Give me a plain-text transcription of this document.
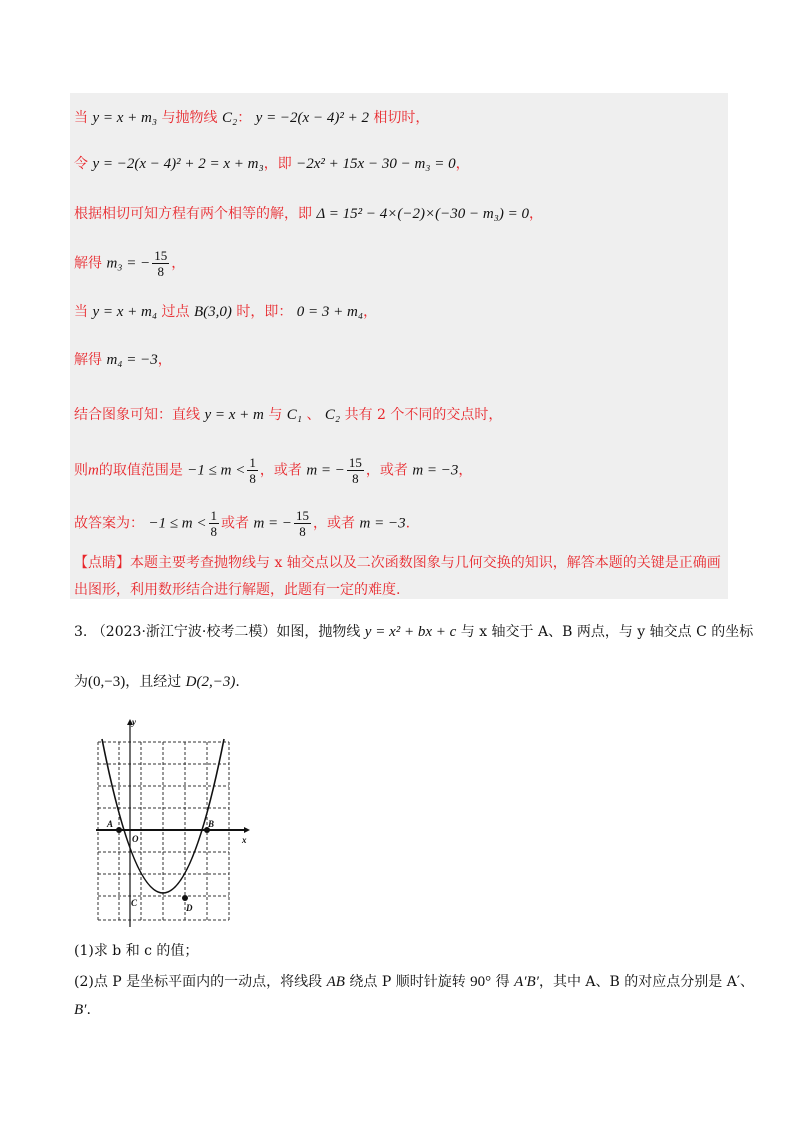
当 y = x + m₃ 与抛物线 C₂： y = −2(x − 4)² + 2 相切时，
令 y = −2(x − 4)² + 2 = x + m₃，即 −2x² + 15x − 30 − m₃ = 0，
根据相切可知方程有两个相等的解，即 Δ = 15² − 4×(−2)×(−30 − m₃) = 0，
解得 m₃ = − $\frac{15}{8}$ ，
当 y = x + m₄ 过点 B(3,0) 时，即： 0 = 3 + m₄，
解得 m₄ = −3，
结合图象可知：直线 y = x + m 与 C₁ 、 C₂ 共有 2 个不同的交点时，
则m的取值范围是 $-1 \le m < \frac{1}{8}$ ，或者 m = − $\frac{15}{8}$ ，或者 m = −3，
故答案为： $-1 \le m < \frac{1}{8}$ 或者 m = − $\frac{15}{8}$ ，或者 m = −3.
【点睛】本题主要考查抛物线与 x 轴交点以及二次函数图象与几何交换的知识，解答本题的关键是正确画
出图形，利用数形结合进行解题，此题有一定的难度.
3. （2023·浙江宁波·校考二模）如图，抛物线 y = x² + bx + c 与 x 轴交于 A、B 两点，与 y 轴交点 C 的坐标
为(0,−3)，且经过 D(2,−3).
y
x
A
O
B
C	D
(1)求 b 和 c 的值；
(2)点 P 是坐标平面内的一动点，将线段 AB 绕点 P 顺时针旋转 90° 得 A′B′，其中 A、B 的对应点分别是 A′、
B′.
